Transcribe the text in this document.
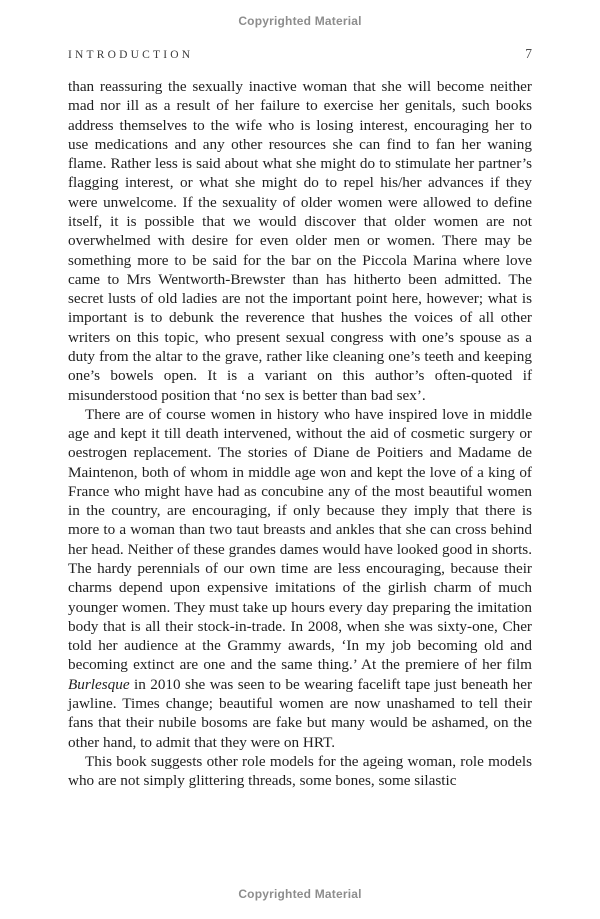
Copyrighted Material
INTRODUCTION	7

than reassuring the sexually inactive woman that she will become neither mad nor ill as a result of her failure to exercise her genitals, such books address themselves to the wife who is losing interest, encouraging her to use medications and any other resources she can find to fan her waning flame. Rather less is said about what she might do to stimulate her partner’s flagging interest, or what she might do to repel his/her advances if they were unwelcome. If the sexuality of older women were allowed to define itself, it is possible that we would discover that older women are not overwhelmed with desire for even older men or women. There may be something more to be said for the bar on the Piccola Marina where love came to Mrs Wentworth-Brewster than has hitherto been admitted. The secret lusts of old ladies are not the important point here, however; what is important is to debunk the reverence that hushes the voices of all other writers on this topic, who present sexual congress with one’s spouse as a duty from the altar to the grave, rather like cleaning one’s teeth and keeping one’s bowels open. It is a variant on this author’s often-quoted if misunderstood position that ‘no sex is better than bad sex’.

There are of course women in history who have inspired love in middle age and kept it till death intervened, without the aid of cosmetic surgery or oestrogen replacement. The stories of Diane de Poitiers and Madame de Maintenon, both of whom in middle age won and kept the love of a king of France who might have had as concubine any of the most beautiful women in the country, are encouraging, if only because they imply that there is more to a woman than two taut breasts and ankles that she can cross behind her head. Neither of these grandes dames would have looked good in shorts. The hardy perennials of our own time are less encouraging, because their charms depend upon expensive imitations of the girlish charm of much younger women. They must take up hours every day preparing the imitation body that is all their stock-in-trade. In 2008, when she was sixty-one, Cher told her audience at the Grammy awards, ‘In my job becoming old and becoming extinct are one and the same thing.’ At the premiere of her film Burlesque in 2010 she was seen to be wearing facelift tape just beneath her jawline. Times change; beautiful women are now unashamed to tell their fans that their nubile bosoms are fake but many would be ashamed, on the other hand, to admit that they were on HRT.

This book suggests other role models for the ageing woman, role models who are not simply glittering threads, some bones, some silastic

Copyrighted Material
